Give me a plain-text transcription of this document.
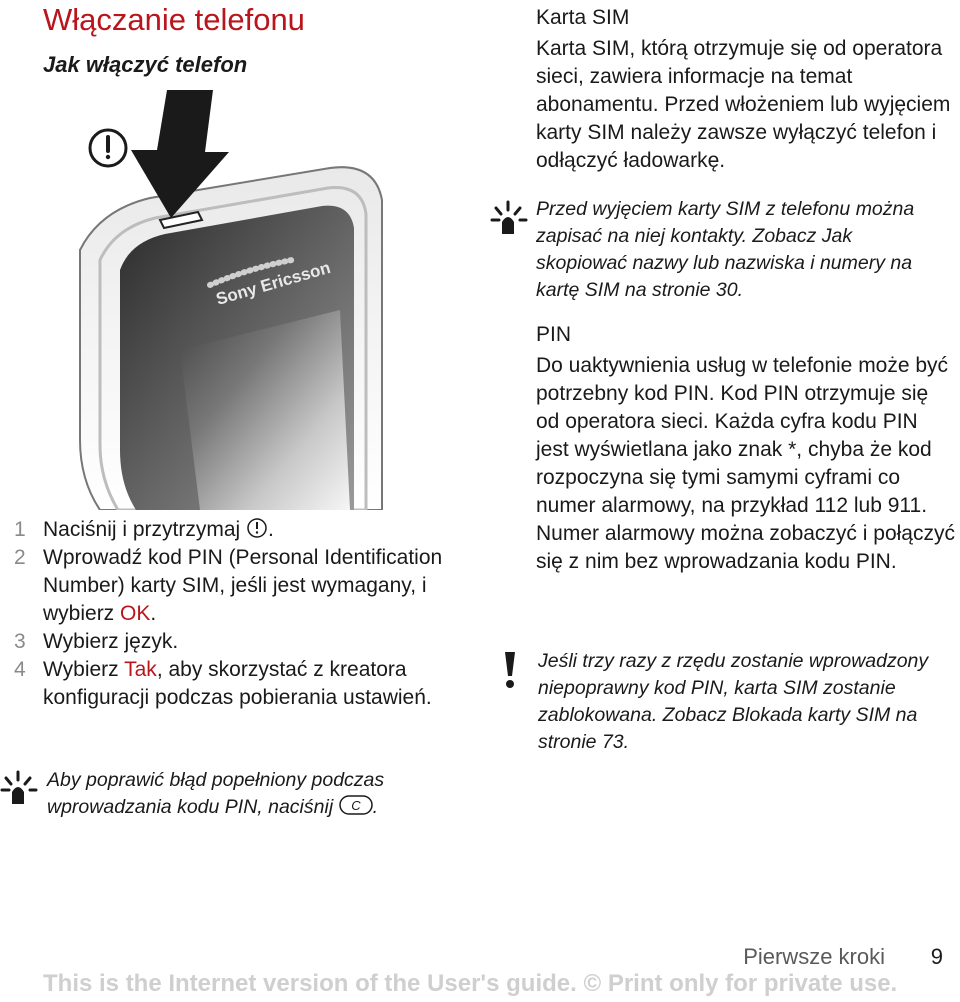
Włączanie telefonu
Jak włączyć telefon
Sony Ericsson
1 Naciśnij i przytrzymaj .
2 Wprowadź kod PIN (Personal Identification Number) karty SIM, jeśli jest wymagany, i wybierz OK.
3 Wybierz język.
4 Wybierz Tak, aby skorzystać z kreatora konfiguracji podczas pobierania ustawień.
Aby poprawić błąd popełniony podczas wprowadzania kodu PIN, naciśnij C .
Karta SIM

Karta SIM, którą otrzymuje się od operatora sieci, zawiera informacje na temat abonamentu. Przed włożeniem lub wyjęciem karty SIM należy zawsze wyłączyć telefon i odłączyć ładowarkę.

Przed wyjęciem karty SIM z telefonu można zapisać na niej kontakty. Zobacz Jak skopiować nazwy lub nazwiska i numery na kartę SIM na stronie 30.

PIN

Do uaktywnienia usług w telefonie może być potrzebny kod PIN. Kod PIN otrzymuje się od operatora sieci. Każda cyfra kodu PIN jest wyświetlana jako znak *, chyba że kod rozpoczyna się tymi samymi cyframi co numer alarmowy, na przykład 112 lub 911. Numer alarmowy można zobaczyć i połączyć się z nim bez wprowadzania kodu PIN.

Jeśli trzy razy z rzędu zostanie wprowadzony niepoprawny kod PIN, karta SIM zostanie zablokowana. Zobacz Blokada karty SIM na stronie 73.

Pierwsze kroki 9
This is the Internet version of the User's guide. © Print only for private use.
